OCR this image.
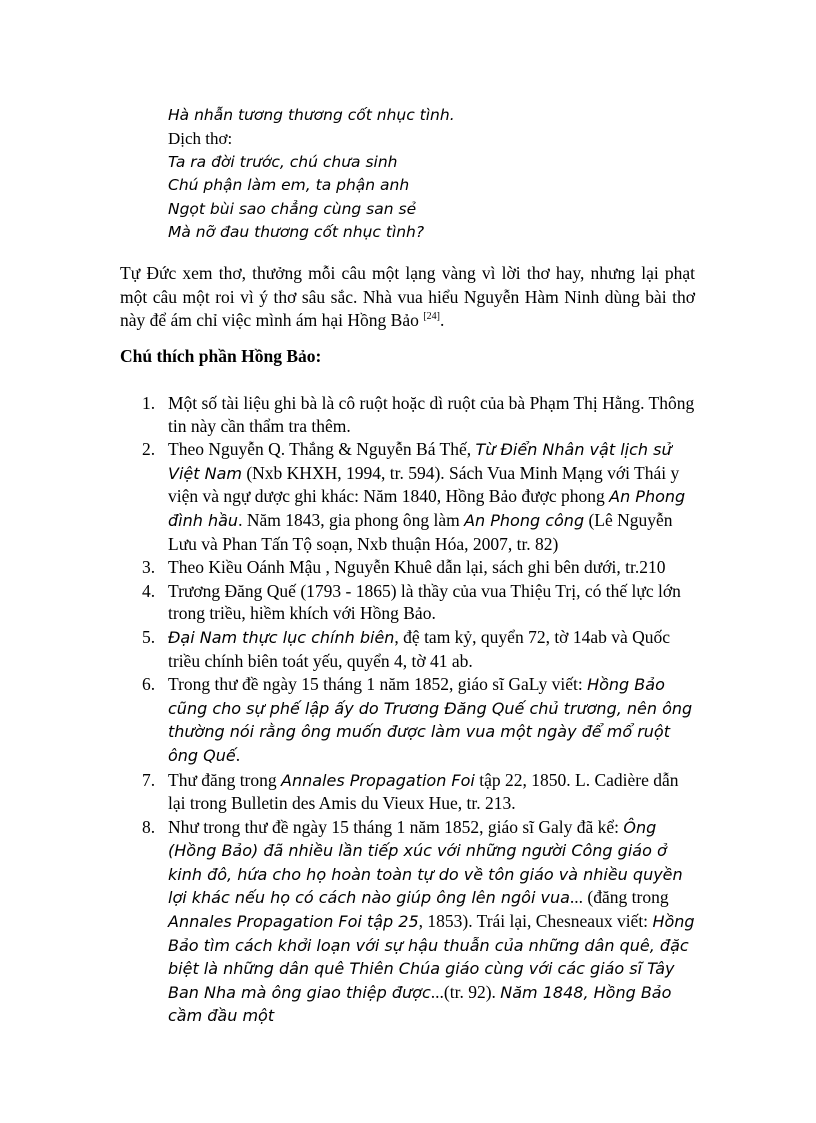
Hà nhẫn tương thương cốt nhục tình.
Dịch thơ:
Ta ra đời trước, chú chưa sinh
Chú phận làm em, ta phận anh
Ngọt bùi sao chẳng cùng san sẻ
Mà nỡ đau thương cốt nhục tình?

Tự Đức xem thơ, thưởng mỗi câu một lạng vàng vì lời thơ hay, nhưng lại phạt một câu một roi vì ý thơ sâu sắc. Nhà vua hiểu Nguyễn Hàm Ninh dùng bài thơ này để ám chỉ việc mình ám hại Hồng Bảo [24].

Chú thích phần Hồng Bảo:
1. Một số tài liệu ghi bà là cô ruột hoặc dì ruột của bà Phạm Thị Hằng. Thông tin này cần thẩm tra thêm.
2. Theo Nguyễn Q. Thắng & Nguyễn Bá Thế, Từ Điển Nhân vật lịch sử Việt Nam (Nxb KHXH, 1994, tr. 594). Sách Vua Minh Mạng với Thái y viện và ngự dược ghi khác: Năm 1840, Hồng Bảo được phong An Phong đình hầu. Năm 1843, gia phong ông làm An Phong công (Lê Nguyễn Lưu và Phan Tấn Tộ soạn, Nxb thuận Hóa, 2007, tr. 82)
3. Theo Kiều Oánh Mậu , Nguyễn Khuê dẫn lại, sách ghi bên dưới, tr.210
4. Trương Đăng Quế (1793 - 1865) là thầy của vua Thiệu Trị, có thế lực lớn trong triều, hiềm khích với Hồng Bảo.
5. Đại Nam thực lục chính biên, đệ tam kỷ, quyển 72, tờ 14ab và Quốc triều chính biên toát yếu, quyển 4, tờ 41 ab.
6. Trong thư đề ngày 15 tháng 1 năm 1852, giáo sĩ GaLy viết: Hồng Bảo cũng cho sự phế lập ấy do Trương Đăng Quế chủ trương, nên ông thường nói rằng ông muốn được làm vua một ngày để mổ ruột ông Quế.
7. Thư đăng trong Annales Propagation Foi tập 22, 1850. L. Cadière dẫn lại trong Bulletin des Amis du Vieux Hue, tr. 213.
8. Như trong thư đề ngày 15 tháng 1 năm 1852, giáo sĩ Galy đã kể: Ông (Hồng Bảo) đã nhiều lần tiếp xúc với những người Công giáo ở kinh đô, hứa cho họ hoàn toàn tự do về tôn giáo và nhiều quyền lợi khác nếu họ có cách nào giúp ông lên ngôi vua... (đăng trong Annales Propagation Foi tập 25, 1853). Trái lại, Chesneaux viết: Hồng Bảo tìm cách khởi loạn với sự hậu thuẫn của những dân quê, đặc biệt là những dân quê Thiên Chúa giáo cùng với các giáo sĩ Tây Ban Nha mà ông giao thiệp được...(tr. 92). Năm 1848, Hồng Bảo cầm đầu một
